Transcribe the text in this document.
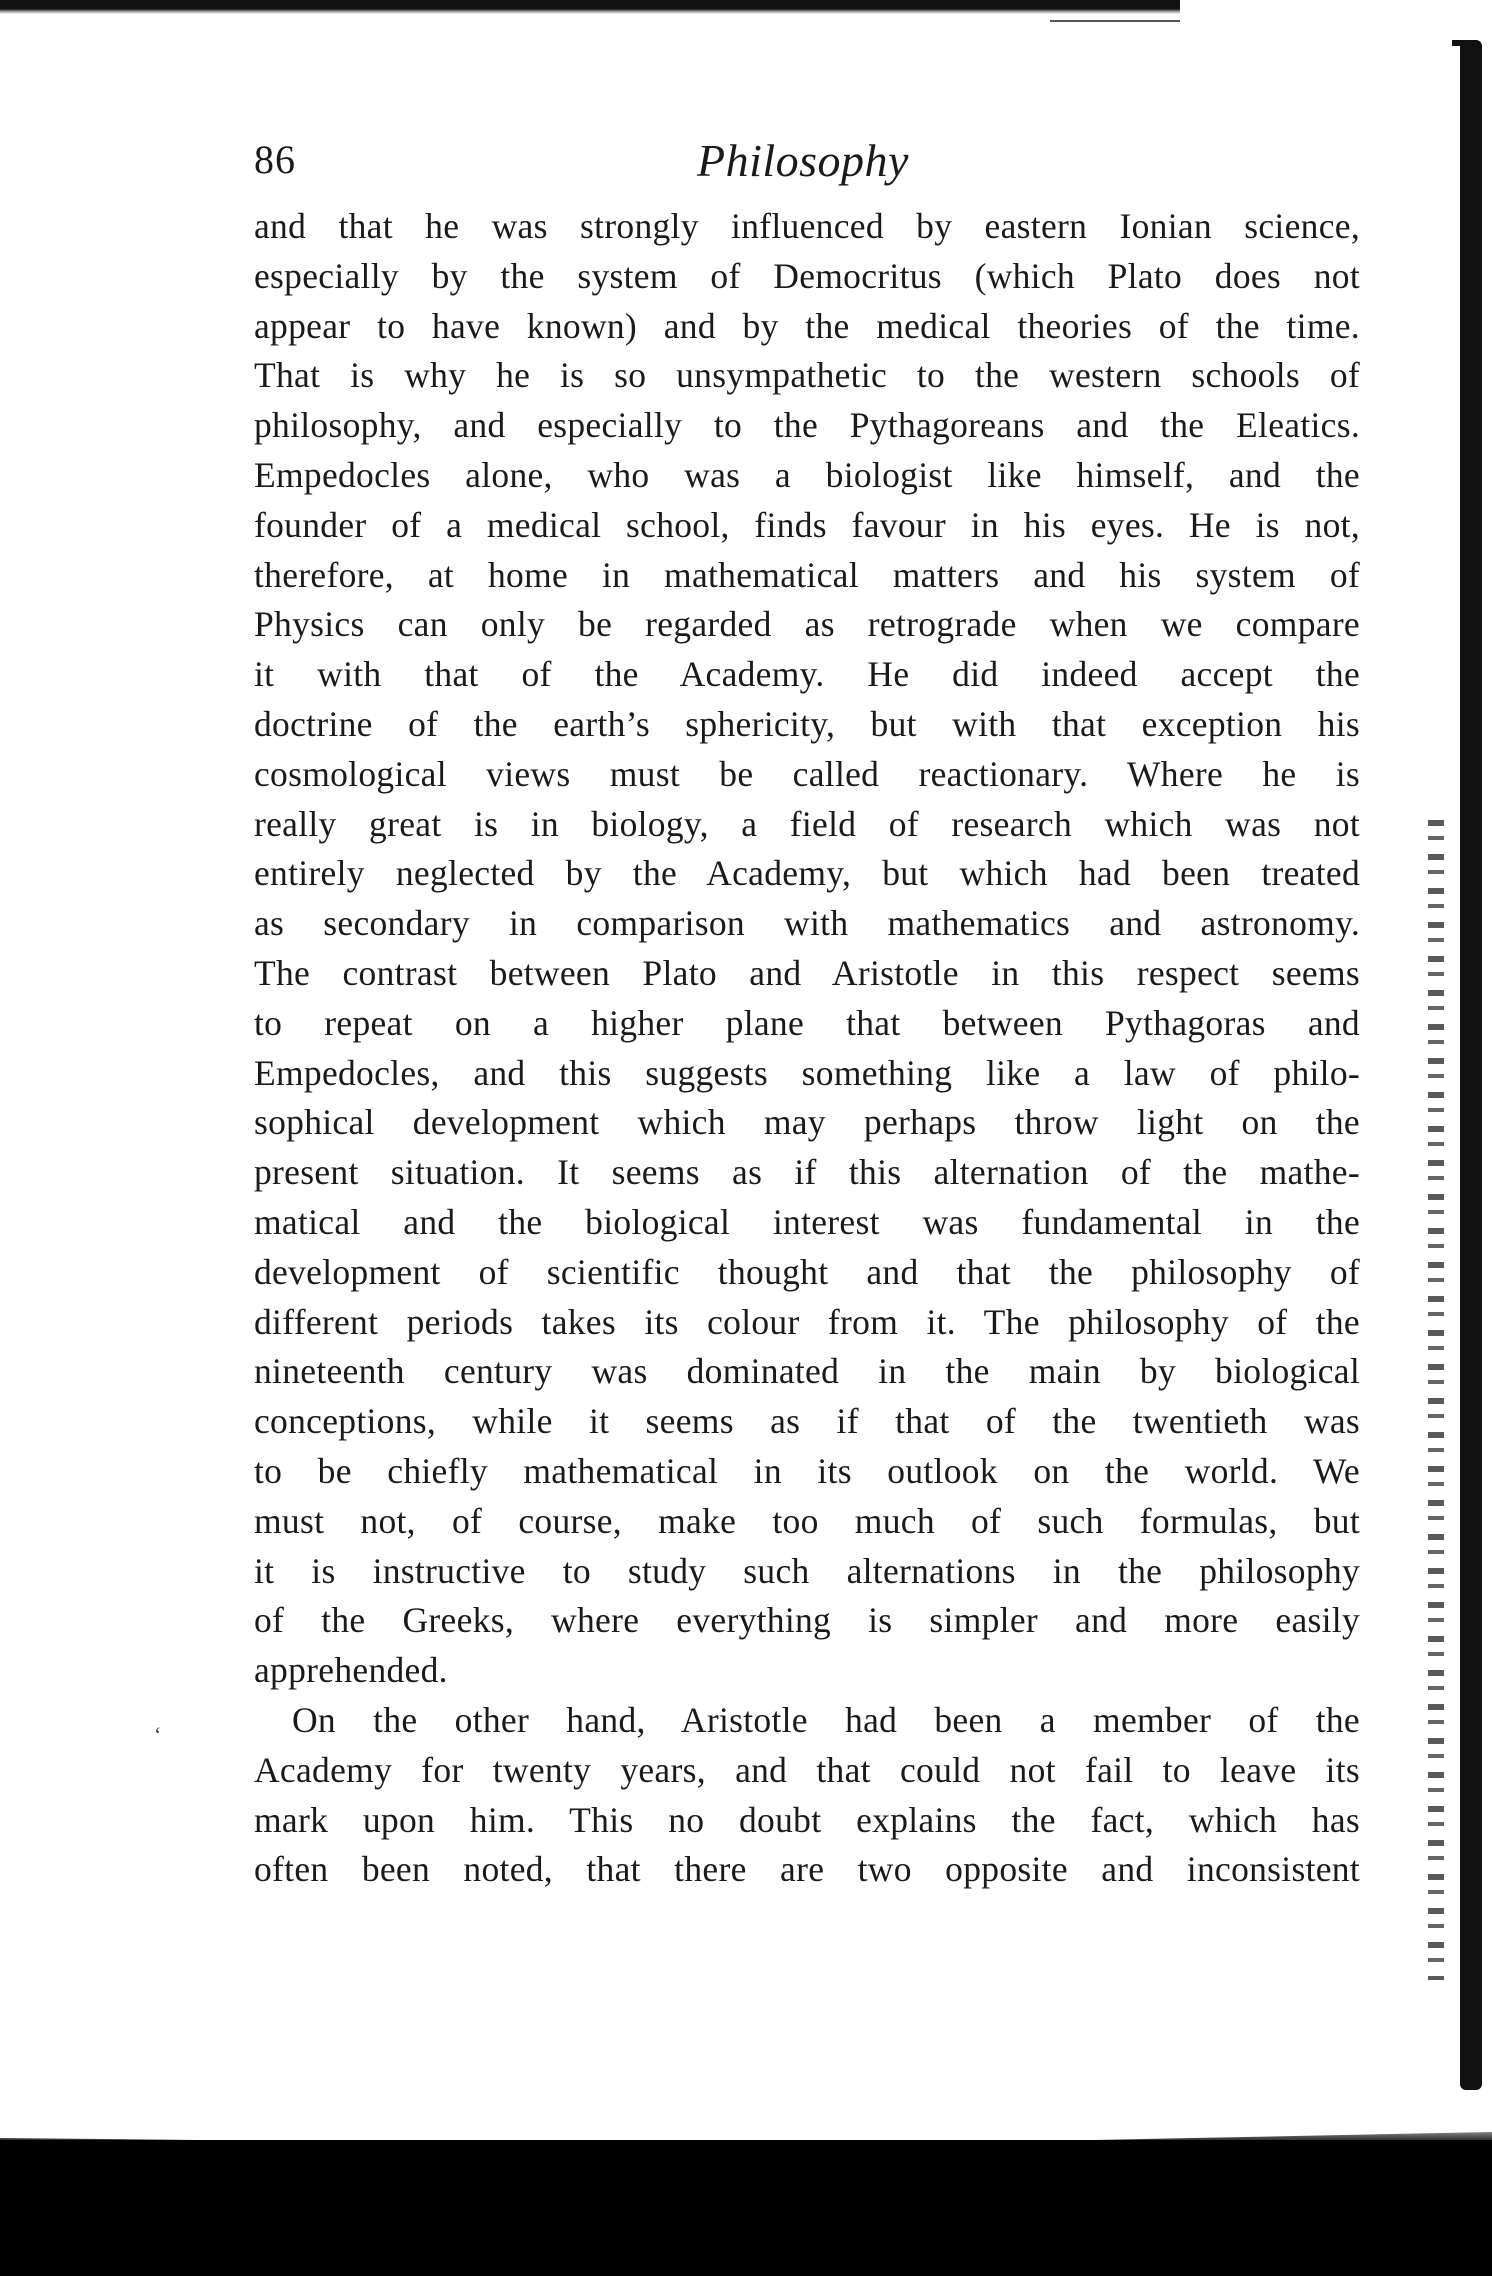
‘
86	Philosophy
and that he was strongly influenced by eastern Ionian science,
especially by the system of Democritus (which Plato does not
appear to have known) and by the medical theories of the time.
That is why he is so unsympathetic to the western schools of
philosophy, and especially to the Pythagoreans and the Eleatics.
Empedocles alone, who was a biologist like himself, and the
founder of a medical school, finds favour in his eyes. He is not,
therefore, at home in mathematical matters and his system of
Physics can only be regarded as retrograde when we compare
it with that of the Academy. He did indeed accept the
doctrine of the earth’s sphericity, but with that exception his
cosmological views must be called reactionary. Where he is
really great is in biology, a field of research which was not
entirely neglected by the Academy, but which had been treated
as secondary in comparison with mathematics and astronomy.
The contrast between Plato and Aristotle in this respect seems
to repeat on a higher plane that between Pythagoras and
Empedocles, and this suggests something like a law of philo-
sophical development which may perhaps throw light on the
present situation. It seems as if this alternation of the mathe-
matical and the biological interest was fundamental in the
development of scientific thought and that the philosophy of
different periods takes its colour from it. The philosophy of the
nineteenth century was dominated in the main by biological
conceptions, while it seems as if that of the twentieth was
to be chiefly mathematical in its outlook on the world. We
must not, of course, make too much of such formulas, but
it is instructive to study such alternations in the philosophy
of the Greeks, where everything is simpler and more easily
apprehended.
On the other hand, Aristotle had been a member of the
Academy for twenty years, and that could not fail to leave its
mark upon him. This no doubt explains the fact, which has
often been noted, that there are two opposite and inconsistent
